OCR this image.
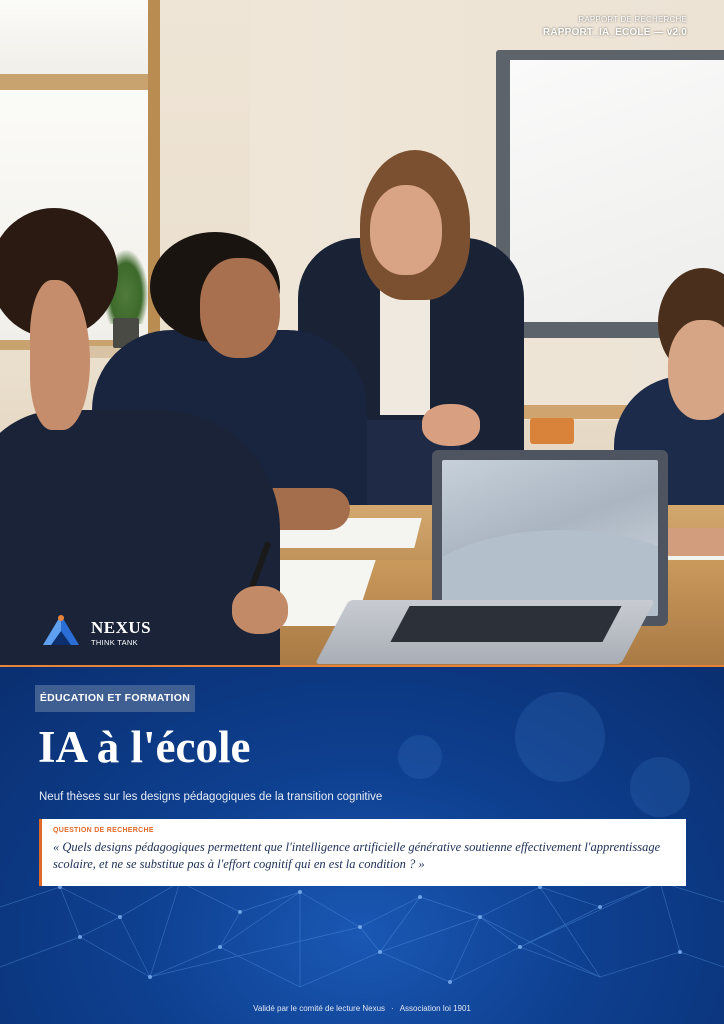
RAPPORT DE RECHERCHE
RAPPORT_IA_ECOLE — v2.0
NEXUS
THINK TANK
ÉDUCATION ET FORMATION
IA à l'école
Neuf thèses sur les designs pédagogiques de la transition cognitive
QUESTION DE RECHERCHE
« Quels designs pédagogiques permettent que l'intelligence artificielle générative soutienne effectivement l'apprentissage scolaire, et ne se substitue pas à l'effort cognitif qui en est la condition ? »
Validé par le comité de lecture Nexus · Association loi 1901
